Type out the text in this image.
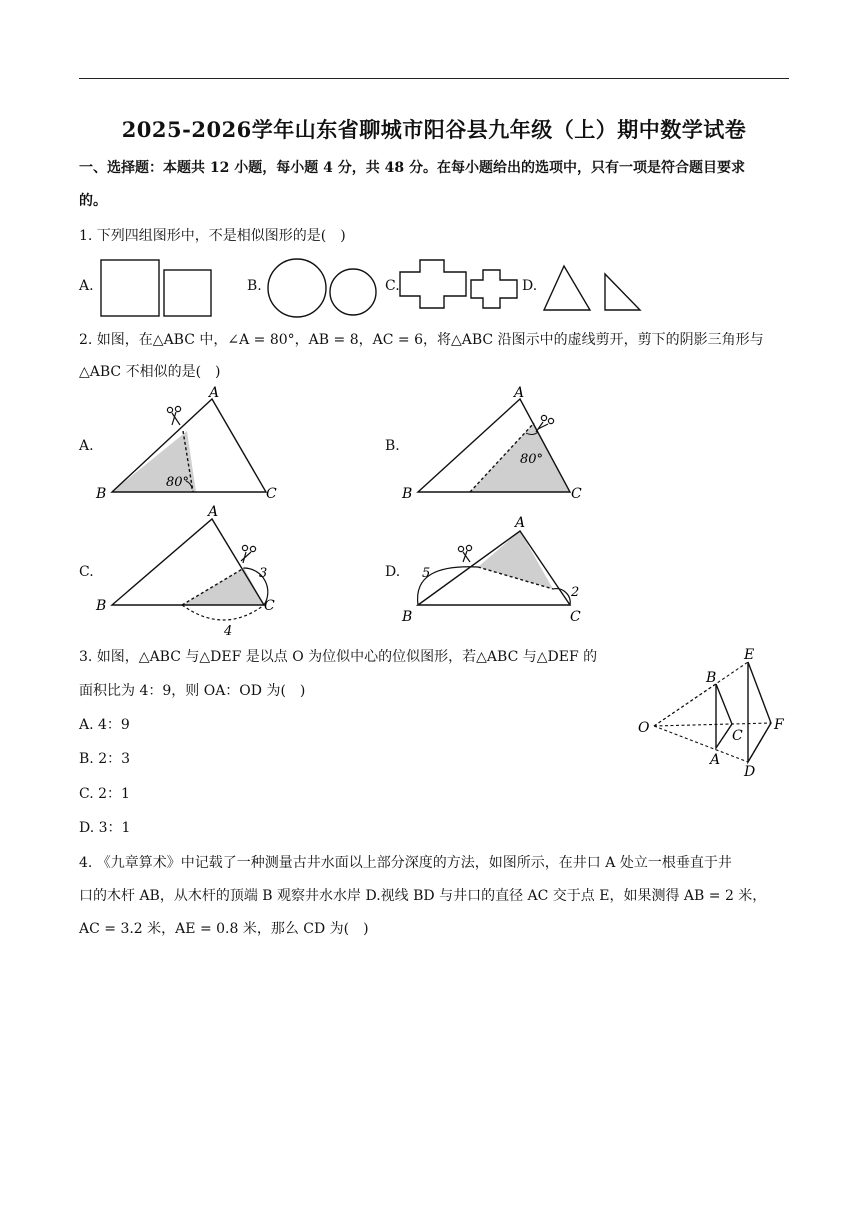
2025-2026学年山东省聊城市阳谷县九年级（上）期中数学试卷
一、选择题：本题共 12 小题，每小题 4 分，共 48 分。在每小题给出的选项中，只有一项是符合题目要求
的。
1. 下列四组图形中，不是相似图形的是(　)
A.	B.	C.	D.
2. 如图，在△ABC 中，∠A = 80°，AB = 8，AC = 6，将△ABC 沿图示中的虚线剪开，剪下的阴影三角形与
△ABC 不相似的是(　)
A.	B.
C.	D.
A
B	C
80°
A
B	C
80°
A
B	C
3
4
A
B	C
5
2
3. 如图，△ABC 与△DEF 是以点 O 为位似中心的位似图形，若△ABC 与△DEF 的
面积比为 4：9，则 OA：OD 为(　)
A. 4：9
B. 2：3
C. 2：1
D. 3：1
O
B
A
C
E
D
F
4. 《九章算术》中记载了一种测量古井水面以上部分深度的方法，如图所示，在井口 A 处立一根垂直于井
口的木杆 AB，从木杆的顶端 B 观察井水水岸 D.视线 BD 与井口的直径 AC 交于点 E，如果测得 AB = 2 米，
AC = 3.2 米，AE = 0.8 米，那么 CD 为(　)
